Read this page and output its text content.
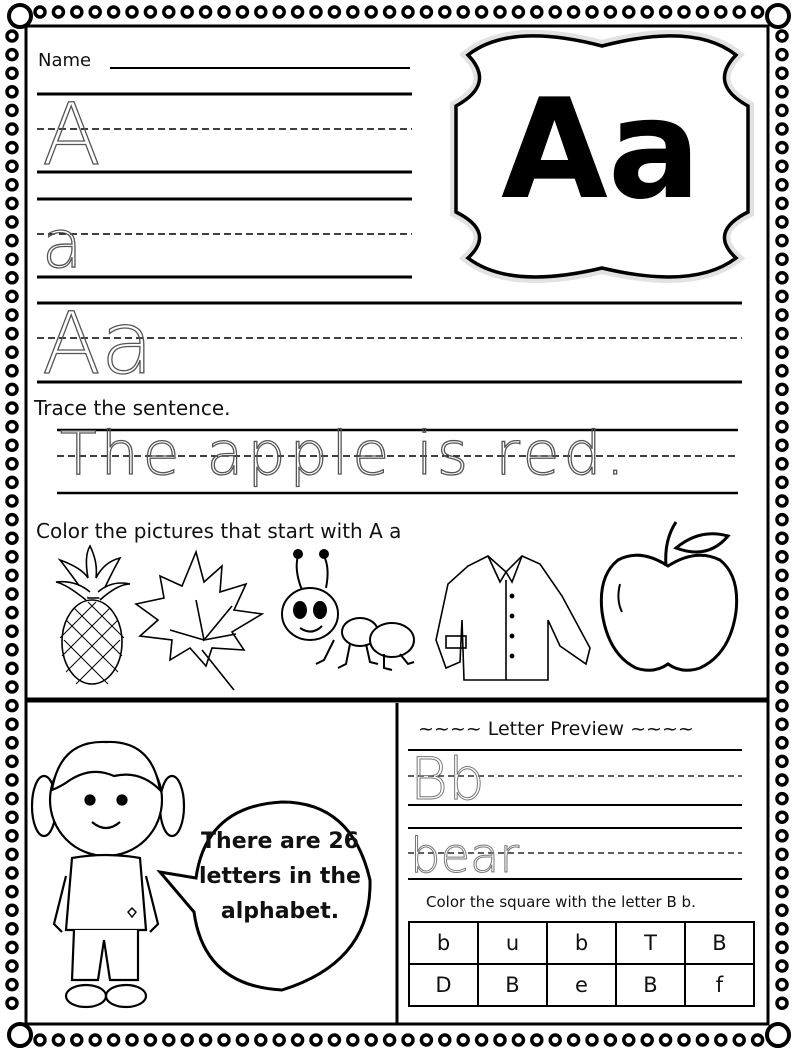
Name
Aa
A
a
Aa
Trace the sentence.
The apple is red.
Color the pictures that start with A a
There are 26 letters in the alphabet.
~~~~ Letter Preview ~~~~
Bb
bear
Color the square with the letter B b.
b	u	b	T	B
D	B	e	B	f
